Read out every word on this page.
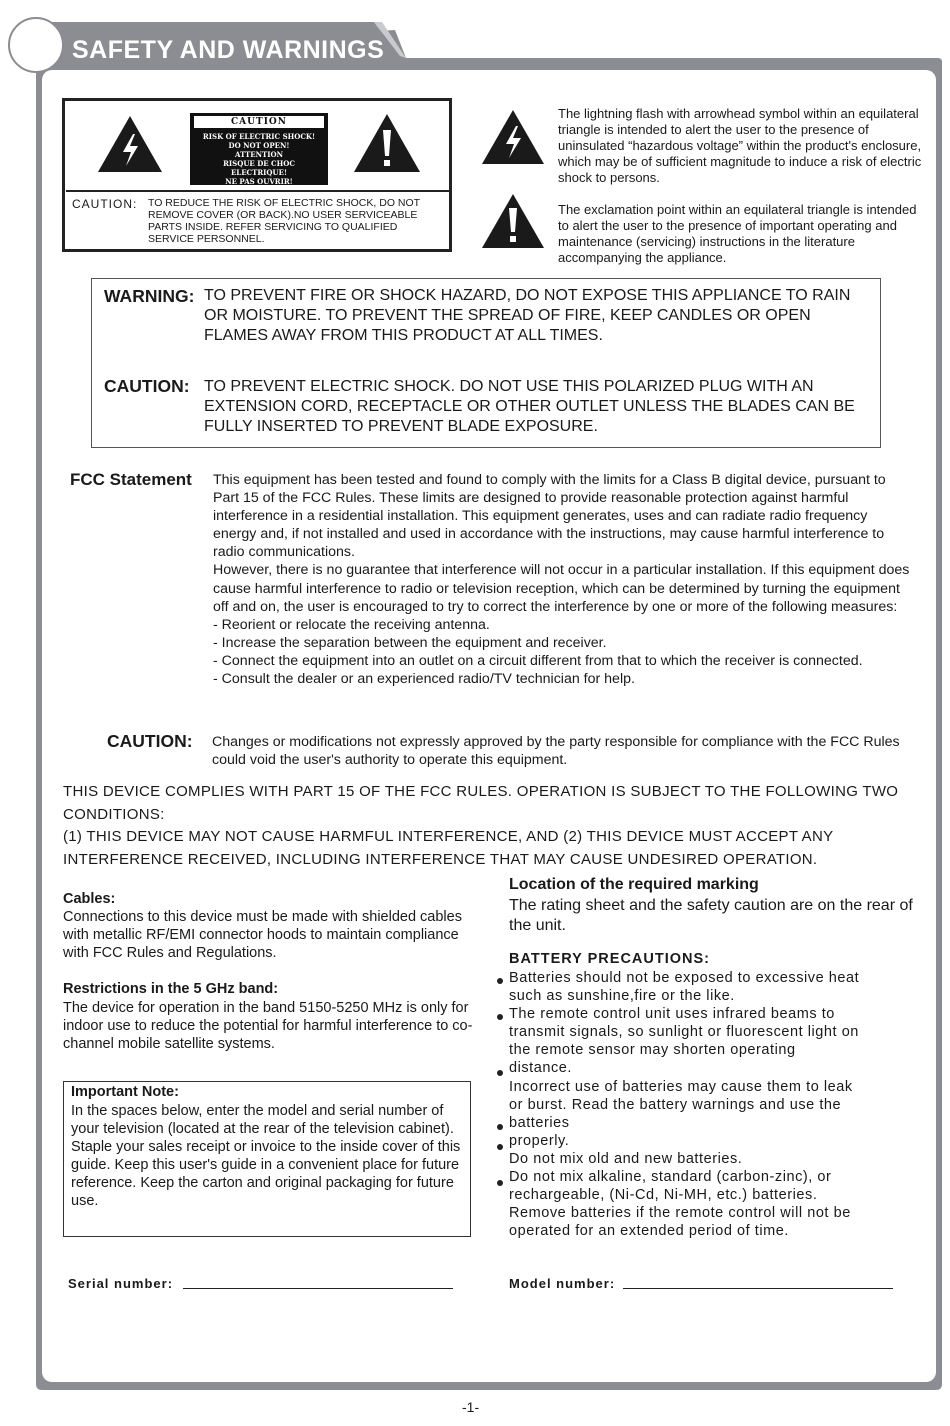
SAFETY AND WARNINGS
CAUTION
RISK OF ELECTRIC SHOCK!
DO NOT OPEN!
ATTENTION
RISQUE DE CHOC ELECTRIQUE!
NE PAS OUVRIR!
CAUTION: TO REDUCE THE RISK OF ELECTRIC SHOCK, DO NOT REMOVE COVER (OR BACK).NO USER SERVICEABLE PARTS INSIDE. REFER SERVICING TO QUALIFIED SERVICE PERSONNEL.
The lightning flash with arrowhead symbol within an equilateral triangle is intended to alert the user to the presence of uninsulated “hazardous voltage” within the product's enclosure, which may be of sufficient magnitude to induce a risk of electric shock to persons.
The exclamation point within an equilateral triangle is intended to alert the user to the presence of important operating and maintenance (servicing) instructions in the literature accompanying the appliance.
WARNING: TO PREVENT FIRE OR SHOCK HAZARD, DO NOT EXPOSE THIS APPLIANCE TO RAIN OR MOISTURE. TO PREVENT THE SPREAD OF FIRE, KEEP CANDLES OR OPEN FLAMES AWAY FROM THIS PRODUCT AT ALL TIMES.
CAUTION: TO PREVENT ELECTRIC SHOCK. DO NOT USE THIS POLARIZED PLUG WITH AN EXTENSION CORD, RECEPTACLE OR OTHER OUTLET UNLESS THE BLADES CAN BE FULLY INSERTED TO PREVENT BLADE EXPOSURE.
FCC Statement This equipment has been tested and found to comply with the limits for a Class B digital device, pursuant to Part 15 of the FCC Rules. These limits are designed to provide reasonable protection against harmful interference in a residential installation. This equipment generates, uses and can radiate radio frequency energy and, if not installed and used in accordance with the instructions, may cause harmful interference to radio communications.

However, there is no guarantee that interference will not occur in a particular installation. If this equipment does cause harmful interference to radio or television reception, which can be determined by turning the equipment off and on, the user is encouraged to try to correct the interference by one or more of the following measures:

- Reorient or relocate the receiving antenna.

- Increase the separation between the equipment and receiver.

- Connect the equipment into an outlet on a circuit different from that to which the receiver is connected.

- Consult the dealer or an experienced radio/TV technician for help.

CAUTION: Changes or modifications not expressly approved by the party responsible for compliance with the FCC Rules could void the user's authority to operate this equipment.

THIS DEVICE COMPLIES WITH PART 15 OF THE FCC RULES. OPERATION IS SUBJECT TO THE FOLLOWING TWO CONDITIONS:

(1) THIS DEVICE MAY NOT CAUSE HARMFUL INTERFERENCE, AND (2) THIS DEVICE MUST ACCEPT ANY INTERFERENCE RECEIVED, INCLUDING INTERFERENCE THAT MAY CAUSE UNDESIRED OPERATION.

Cables:
Connections to this device must be made with shielded cables with metallic RF/EMI connector hoods to maintain compliance with FCC Rules and Regulations.
Restrictions in the 5 GHz band:
The device for operation in the band 5150-5250 MHz is only for indoor use to reduce the potential for harmful interference to co-channel mobile satellite systems.
Important Note:
In the spaces below, enter the model and serial number of your television (located at the rear of the television cabinet). Staple your sales receipt or invoice to the inside cover of this guide. Keep this user's guide in a convenient place for future reference. Keep the carton and original packaging for future use.
Location of the required marking
The rating sheet and the safety caution are on the rear of the unit.
BATTERY PRECAUTIONS:
Batteries should not be exposed to excessive heat
such as sunshine,fire or the like.
The remote control unit uses infrared beams to
transmit signals, so sunlight or fluorescent light on
the remote sensor may shorten operating
distance.
Incorrect use of batteries may cause them to leak
or burst. Read the battery warnings and use the
batteries
properly.
Do not mix old and new batteries.
Do not mix alkaline, standard (carbon-zinc), or
rechargeable, (Ni-Cd, Ni-MH, etc.) batteries.
Remove batteries if the remote control will not be
operated for an extended period of time.
Serial number:	Model number:
-1-
